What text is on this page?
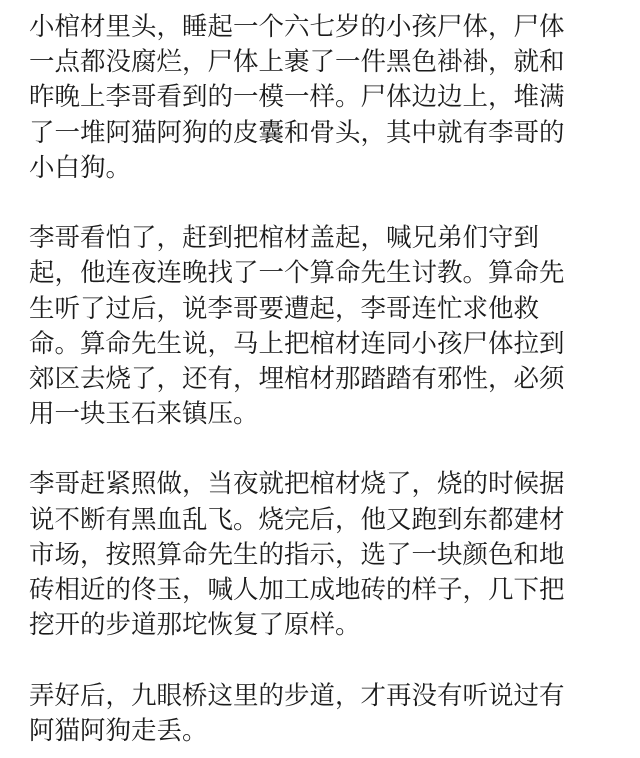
小棺材里头，睡起一个六七岁的小孩尸体，尸体
一点都没腐烂，尸体上裹了一件黑色褂褂，就和
昨晚上李哥看到的一模一样。尸体边边上，堆满
了一堆阿猫阿狗的皮囊和骨头，其中就有李哥的
小白狗。
李哥看怕了，赶到把棺材盖起，喊兄弟们守到
起，他连夜连晚找了一个算命先生讨教。算命先
生听了过后，说李哥要遭起，李哥连忙求他救
命。算命先生说，马上把棺材连同小孩尸体拉到
郊区去烧了，还有，埋棺材那踏踏有邪性，必须
用一块玉石来镇压。
李哥赶紧照做，当夜就把棺材烧了，烧的时候据
说不断有黑血乱飞。烧完后，他又跑到东都建材
市场，按照算命先生的指示，选了一块颜色和地
砖相近的佟玉，喊人加工成地砖的样子，几下把
挖开的步道那坨恢复了原样。
弄好后，九眼桥这里的步道，才再没有听说过有
阿猫阿狗走丢。
